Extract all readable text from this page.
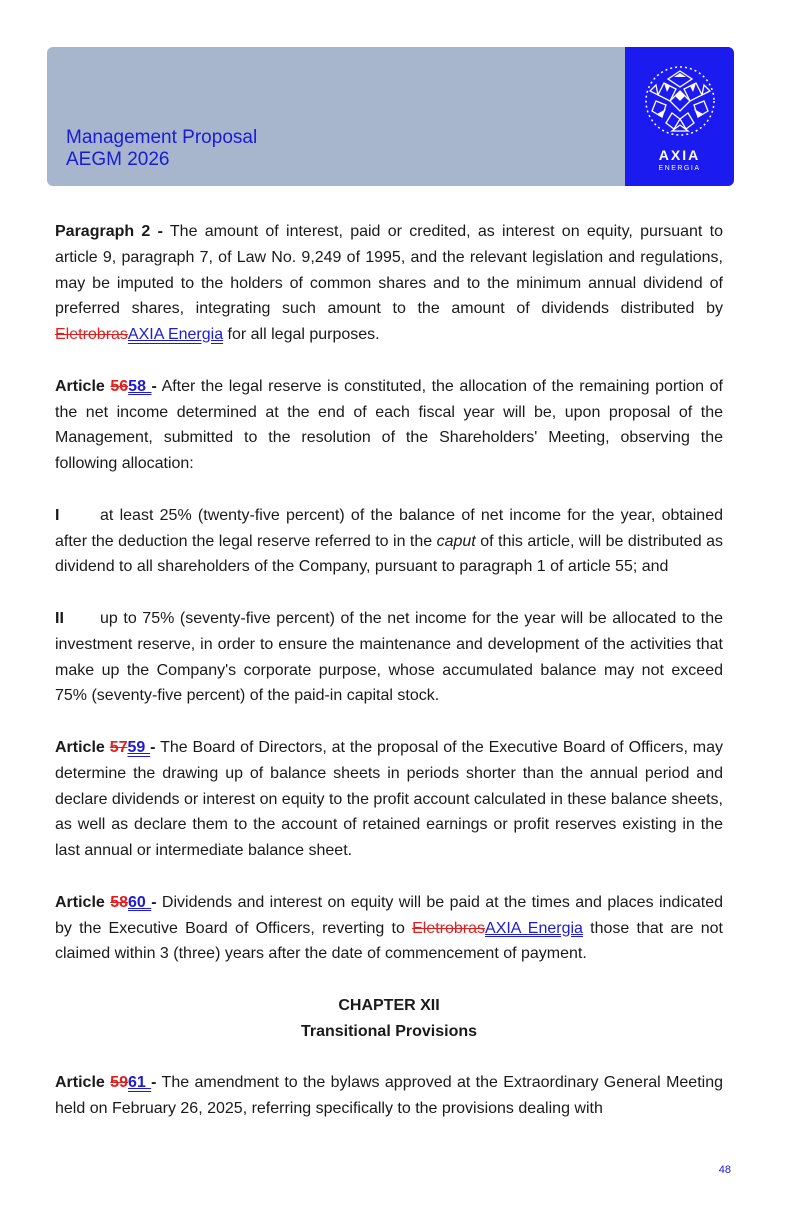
Management Proposal
AEGM 2026	AXIA
ENERGIA

Paragraph 2 - The amount of interest, paid or credited, as interest on equity, pursuant to article 9, paragraph 7, of Law No. 9,249 of 1995, and the relevant legislation and regulations, may be imputed to the holders of common shares and to the minimum annual dividend of preferred shares, integrating such amount to the amount of dividends distributed by EletrobrasAXIA Energia for all legal purposes.

Article 5658 - After the legal reserve is constituted, the allocation of the remaining portion of the net income determined at the end of each fiscal year will be, upon proposal of the Management, submitted to the resolution of the Shareholders' Meeting, observing the following allocation:

I	at least 25% (twenty-five percent) of the balance of net income for the year, obtained after the deduction the legal reserve referred to in the caput of this article, will be distributed as dividend to all shareholders of the Company, pursuant to paragraph 1 of article 55; and

II up to 75% (seventy-five percent) of the net income for the year will be allocated to the investment reserve, in order to ensure the maintenance and development of the activities that make up the Company's corporate purpose, whose accumulated balance may not exceed 75% (seventy-five percent) of the paid-in capital stock.

Article 5759 - The Board of Directors, at the proposal of the Executive Board of Officers, may determine the drawing up of balance sheets in periods shorter than the annual period and declare dividends or interest on equity to the profit account calculated in these balance sheets, as well as declare them to the account of retained earnings or profit reserves existing in the last annual or intermediate balance sheet.

Article 5860 - Dividends and interest on equity will be paid at the times and places indicated by the Executive Board of Officers, reverting to EletrobrasAXIA Energia those that are not claimed within 3 (three) years after the date of commencement of payment.

CHAPTER XII
Transitional Provisions

Article 5961 - The amendment to the bylaws approved at the Extraordinary General Meeting held on February 26, 2025, referring specifically to the provisions dealing with

48
